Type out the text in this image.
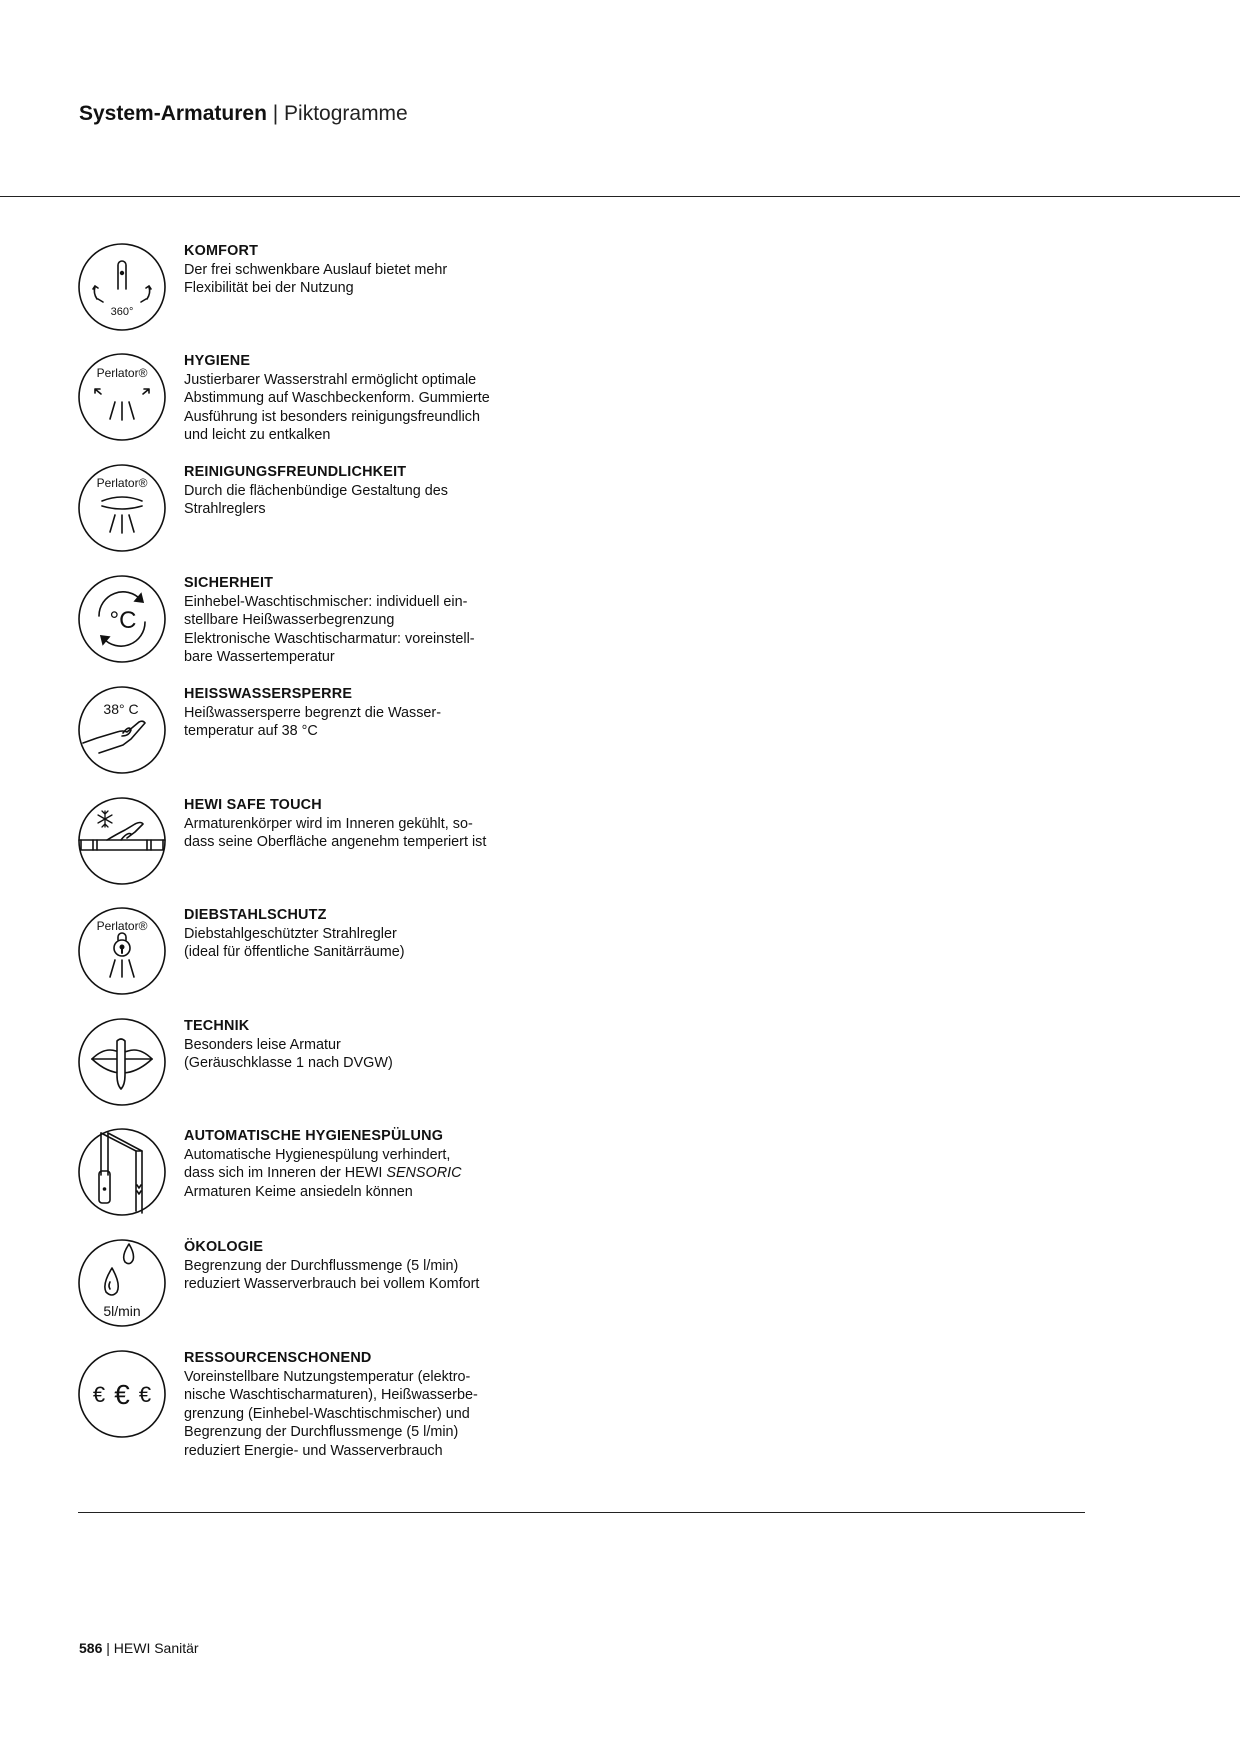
System-Armaturen | Piktogramme
360°
KOMFORT
Der frei schwenkbare Auslauf bietet mehr
Flexibilität bei der Nutzung
Perlator®
HYGIENE
Justierbarer Wasserstrahl ermöglicht optimale
Abstimmung auf Waschbeckenform. Gummierte
Ausführung ist besonders reinigungsfreundlich
und leicht zu entkalken
Perlator®
REINIGUNGSFREUNDLICHKEIT
Durch die flächenbündige Gestaltung des
Strahlreglers
°C
SICHERHEIT
Einhebel-Waschtischmischer: individuell ein-
stellbare Heißwasserbegrenzung
Elektronische Waschtischarmatur: voreinstell-
bare Wassertemperatur
38° C
HEISSWASSERSPERRE
Heißwassersperre begrenzt die Wasser-
temperatur auf 38 °C
HEWI SAFE TOUCH
Armaturenkörper wird im Inneren gekühlt, so-
dass seine Oberfläche angenehm temperiert ist
Perlator®
DIEBSTAHLSCHUTZ
Diebstahlgeschützter Strahlregler
(ideal für öffentliche Sanitärräume)
TECHNIK
Besonders leise Armatur
(Geräuschklasse 1 nach DVGW)
AUTOMATISCHE HYGIENESPÜLUNG
Automatische Hygienespülung verhindert,
dass sich im Inneren der HEWI SENSORIC
Armaturen Keime ansiedeln können
5l/min
ÖKOLOGIE
Begrenzung der Durchflussmenge (5 l/min)
reduziert Wasserverbrauch bei vollem Komfort
€ € €
RESSOURCENSCHONEND
Voreinstellbare Nutzungstemperatur (elektro-
nische Waschtischarmaturen), Heißwasserbe-
grenzung (Einhebel-Waschtischmischer) und
Begrenzung der Durchflussmenge (5 l/min)
reduziert Energie- und Wasserverbrauch
586 | HEWI Sanitär
